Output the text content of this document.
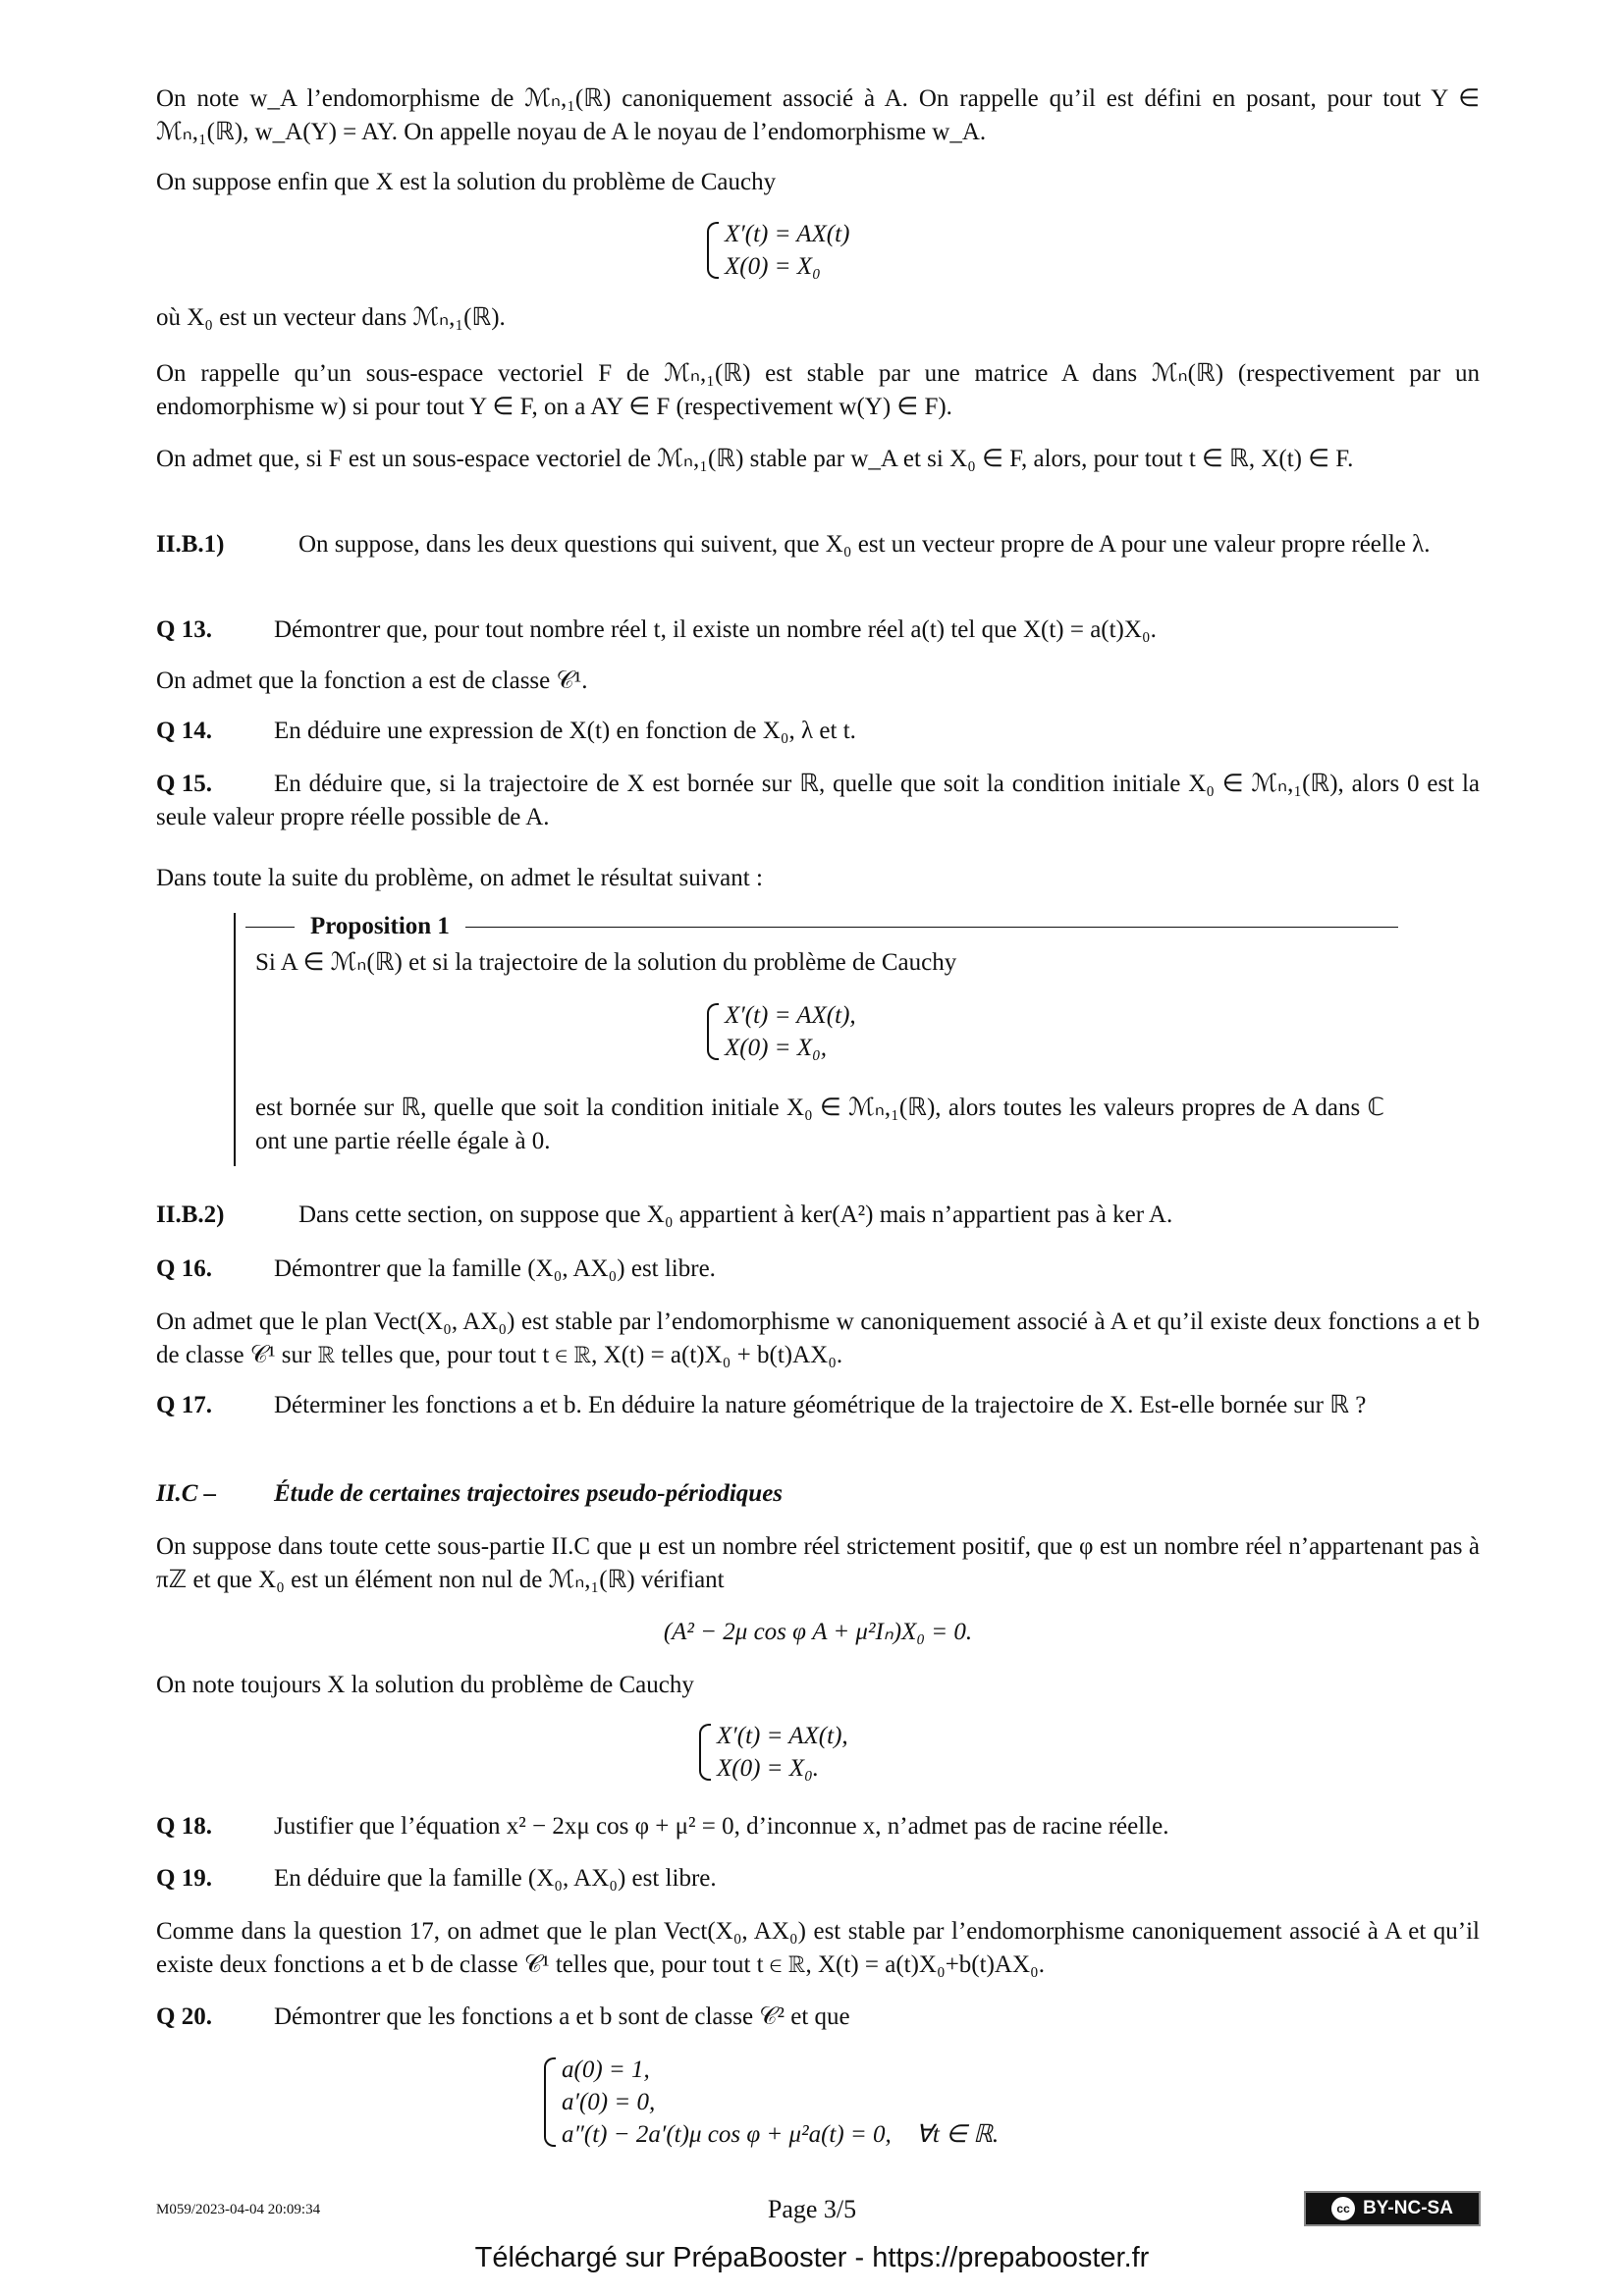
On note w_A l’endomorphisme de ℳₙ,₁(ℝ) canoniquement associé à A. On rappelle qu’il est défini en posant, pour tout Y ∈ ℳₙ,₁(ℝ), w_A(Y) = AY. On appelle noyau de A le noyau de l’endomorphisme w_A.
On suppose enfin que X est la solution du problème de Cauchy
X′(t) = AX(t)
X(0) = X₀
où X₀ est un vecteur dans ℳₙ,₁(ℝ).
On rappelle qu’un sous-espace vectoriel F de ℳₙ,₁(ℝ) est stable par une matrice A dans ℳₙ(ℝ) (respectivement par un endomorphisme w) si pour tout Y ∈ F, on a AY ∈ F (respectivement w(Y) ∈ F).
On admet que, si F est un sous-espace vectoriel de ℳₙ,₁(ℝ) stable par w_A et si X₀ ∈ F, alors, pour tout t ∈ ℝ, X(t) ∈ F.
II.B.1)	On suppose, dans les deux questions qui suivent, que X₀ est un vecteur propre de A pour une valeur propre réelle λ.
Q 13.	Démontrer que, pour tout nombre réel t, il existe un nombre réel a(t) tel que X(t) = a(t)X₀.
On admet que la fonction a est de classe 𝒞¹.
Q 14.	En déduire une expression de X(t) en fonction de X₀, λ et t.
Q 15.	En déduire que, si la trajectoire de X est bornée sur ℝ, quelle que soit la condition initiale X₀ ∈ ℳₙ,₁(ℝ), alors 0 est la seule valeur propre réelle possible de A.
Dans toute la suite du problème, on admet le résultat suivant :
Proposition 1
Si A ∈ ℳₙ(ℝ) et si la trajectoire de la solution du problème de Cauchy
X′(t) = AX(t),
X(0) = X₀,
est bornée sur ℝ, quelle que soit la condition initiale X₀ ∈ ℳₙ,₁(ℝ), alors toutes les valeurs propres de A dans ℂ ont une partie réelle égale à 0.
II.B.2)	Dans cette section, on suppose que X₀ appartient à ker(A²) mais n’appartient pas à ker A.
Q 16.	Démontrer que la famille (X₀, AX₀) est libre.
On admet que le plan Vect(X₀, AX₀) est stable par l’endomorphisme w canoniquement associé à A et qu’il existe deux fonctions a et b de classe 𝒞¹ sur ℝ telles que, pour tout t ∈ ℝ, X(t) = a(t)X₀ + b(t)AX₀.
Q 17.	Déterminer les fonctions a et b. En déduire la nature géométrique de la trajectoire de X. Est-elle bornée sur ℝ ?
II.C – Étude de certaines trajectoires pseudo-périodiques
On suppose dans toute cette sous-partie II.C que μ est un nombre réel strictement positif, que φ est un nombre réel n’appartenant pas à πℤ et que X₀ est un élément non nul de ℳₙ,₁(ℝ) vérifiant
(A² − 2μ cos φ A + μ²Iₙ)X₀ = 0.
On note toujours X la solution du problème de Cauchy
X′(t) = AX(t),
X(0) = X₀.
Q 18.	Justifier que l’équation x² − 2xμ cos φ + μ² = 0, d’inconnue x, n’admet pas de racine réelle.
Q 19.	En déduire que la famille (X₀, AX₀) est libre.
Comme dans la question 17, on admet que le plan Vect(X₀, AX₀) est stable par l’endomorphisme canoniquement associé à A et qu’il existe deux fonctions a et b de classe 𝒞¹ telles que, pour tout t ∈ ℝ, X(t) = a(t)X₀+b(t)AX₀.
Q 20.	Démontrer que les fonctions a et b sont de classe 𝒞² et que
a(0) = 1,
a′(0) = 0,
a″(t) − 2a′(t)μ cos φ + μ²a(t) = 0,    ∀t ∈ ℝ.
M059/2023-04-04 20:09:34	Page 3/5	cc BY-NC-SA
Téléchargé sur PrépaBooster - https://prepabooster.fr
